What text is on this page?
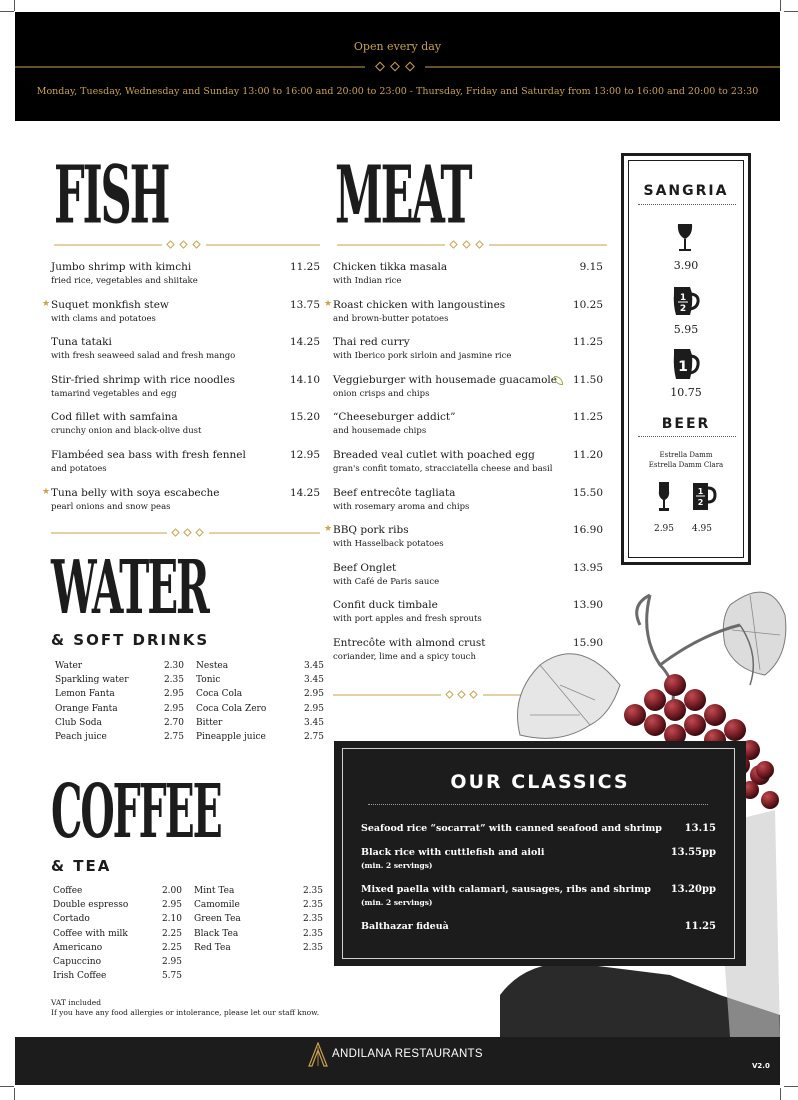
Open every day
Monday, Tuesday, Wednesday and Sunday 13:00 to 16:00 and 20:00 to 23:00 - Thursday, Friday and Saturday from 13:00 to 16:00 and 20:00 to 23:30
FISH	MEAT
Jumbo shrimp with kimchi
fried rice, vegetables and shiitake
11.25
★ Suquet monkfish stew
with clams and potatoes
13.75
Tuna tataki
with fresh seaweed salad and fresh mango
14.25
Stir-fried shrimp with rice noodles
tamarind vegetables and egg
14.10
Cod fillet with samfaina
crunchy onion and black-olive dust
15.20
Flambéed sea bass with fresh fennel
and potatoes
12.95
★ Tuna belly with soya escabeche
pearl onions and snow peas
14.25
Chicken tikka masala
with Indian rice
9.15
★ Roast chicken with langoustines
and brown-butter potatoes
10.25
Thai red curry
with Iberico pork sirloin and jasmine rice
11.25
Veggieburger with housemade guacamole
onion crisps and chips
11.50
“Cheeseburger addict”
and housemade chips
11.25
Breaded veal cutlet with poached egg
gran's confit tomato, stracciatella cheese and basil
11.20
Beef entrecôte tagliata
with rosemary aroma and chips
15.50
★ BBQ pork ribs
with Hasselback potatoes
16.90
Beef Onglet
with Café de Paris sauce
13.95
Confit duck timbale
with port apples and fresh sprouts
13.90
Entrecôte with almond crust
coriander, lime and a spicy touch
15.90
WATER
& SOFT DRINKS
Water	2.30
Sparkling water	2.35
Lemon Fanta	2.95
Orange Fanta	2.95
Club Soda	2.70
Peach juice	2.75
Nestea	3.45
Tonic	3.45
Coca Cola	2.95
Coca Cola Zero	2.95
Bitter	3.45
Pineapple juice	2.75
COFFEE
& TEA
Coffee	2.00
Double espresso	2.95
Cortado	2.10
Coffee with milk	2.25
Americano	2.25
Capuccino	2.95
Irish Coffee	5.75
Mint Tea	2.35
Camomile	2.35
Green Tea	2.35
Black Tea	2.35
Red Tea	2.35
VAT included
If you have any food allergies or intolerance, please let our staff know.
SANGRIA
3.90
1
2
5.95
1
10.75
BEER
Estrella Damm
Estrella Damm Clara
1
2
2.95	4.95
OUR CLASSICS
Seafood rice “socarrat” with canned seafood and shrimp	13.15
Black rice with cuttlefish and aioli
(min. 2 servings)
13.55pp
Mixed paella with calamari, sausages, ribs and shrimp
(min. 2 servings)
13.20pp
Balthazar fideuà	11.25
ANDILANA RESTAURANTS
V2.0
